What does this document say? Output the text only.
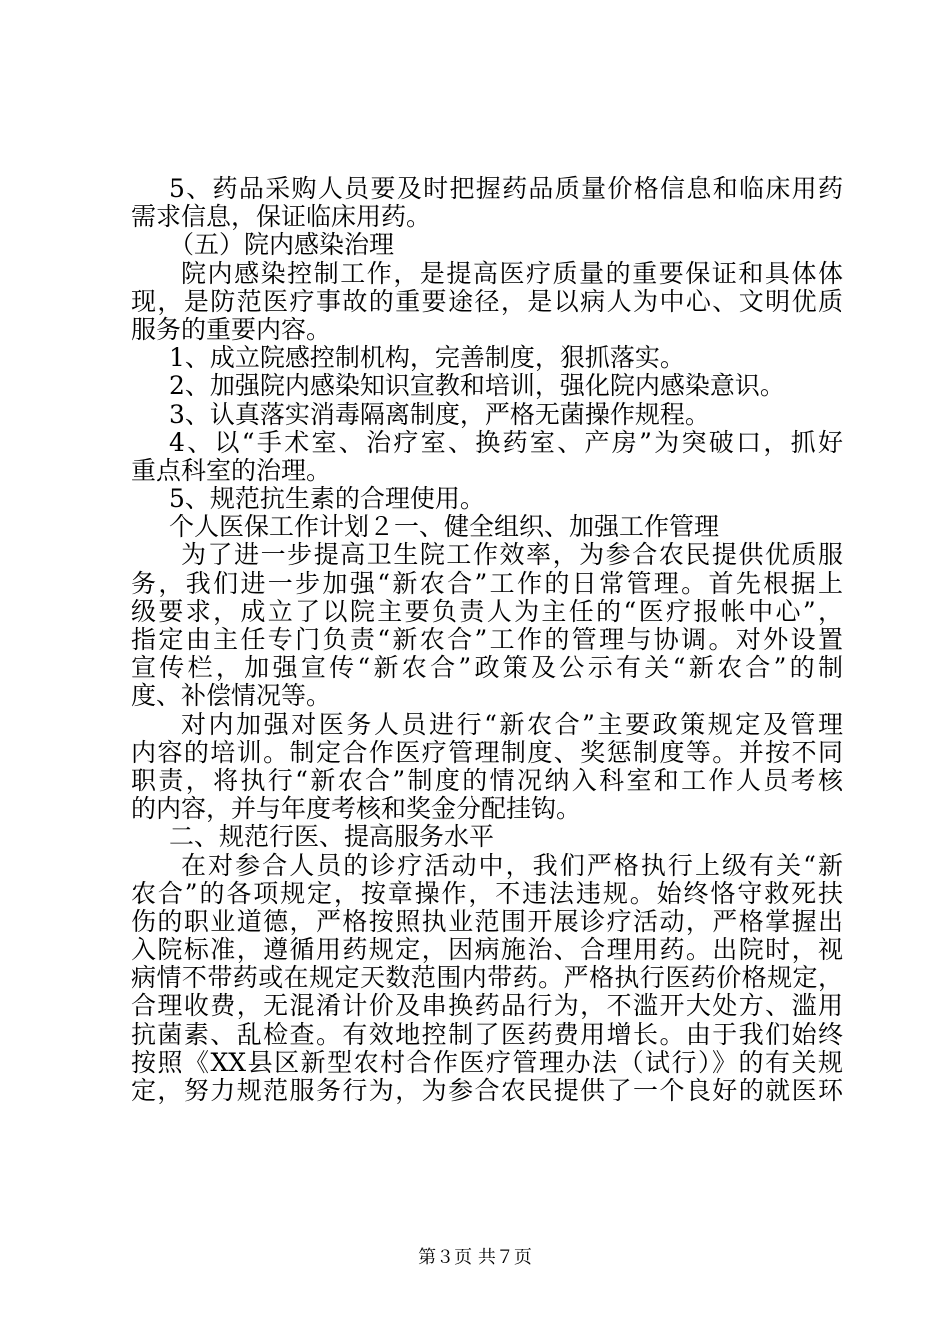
5、药品采购人员要及时把握药品质量价格信息和临床用药
需求信息，保证临床用药。
（五）院内感染治理
院内感染控制工作，是提高医疗质量的重要保证和具体体
现，是防范医疗事故的重要途径，是以病人为中心、文明优质
服务的重要内容。
1、成立院感控制机构，完善制度，狠抓落实。
2、加强院内感染知识宣教和培训，强化院内感染意识。
3、认真落实消毒隔离制度，严格无菌操作规程。
4、以“手术室、治疗室、换药室、产房”为突破口，抓好
重点科室的治理。
5、规范抗生素的合理使用。
个人医保工作计划２一、健全组织、加强工作管理
为了进一步提高卫生院工作效率，为参合农民提供优质服
务，我们进一步加强“新农合”工作的日常管理。首先根据上
级要求，成立了以院主要负责人为主任的“医疗报帐中心”，
指定由主任专门负责“新农合”工作的管理与协调。对外设置
宣传栏，加强宣传“新农合”政策及公示有关“新农合”的制
度、补偿情况等。
对内加强对医务人员进行“新农合”主要政策规定及管理
内容的培训。制定合作医疗管理制度、奖惩制度等。并按不同
职责，将执行“新农合”制度的情况纳入科室和工作人员考核
的内容，并与年度考核和奖金分配挂钩。
二、规范行医、提高服务水平
在对参合人员的诊疗活动中，我们严格执行上级有关“新
农合”的各项规定，按章操作，不违法违规。始终恪守救死扶
伤的职业道德，严格按照执业范围开展诊疗活动，严格掌握出
入院标准，遵循用药规定，因病施治、合理用药。出院时，视
病情不带药或在规定天数范围内带药。严格执行医药价格规定，
合理收费，无混淆计价及串换药品行为，不滥开大处方、滥用
抗菌素、乱检查。有效地控制了医药费用增长。由于我们始终
按照《XX县区新型农村合作医疗管理办法（试行）》的有关规
定，努力规范服务行为，为参合农民提供了一个良好的就医环
第３页 共７页
